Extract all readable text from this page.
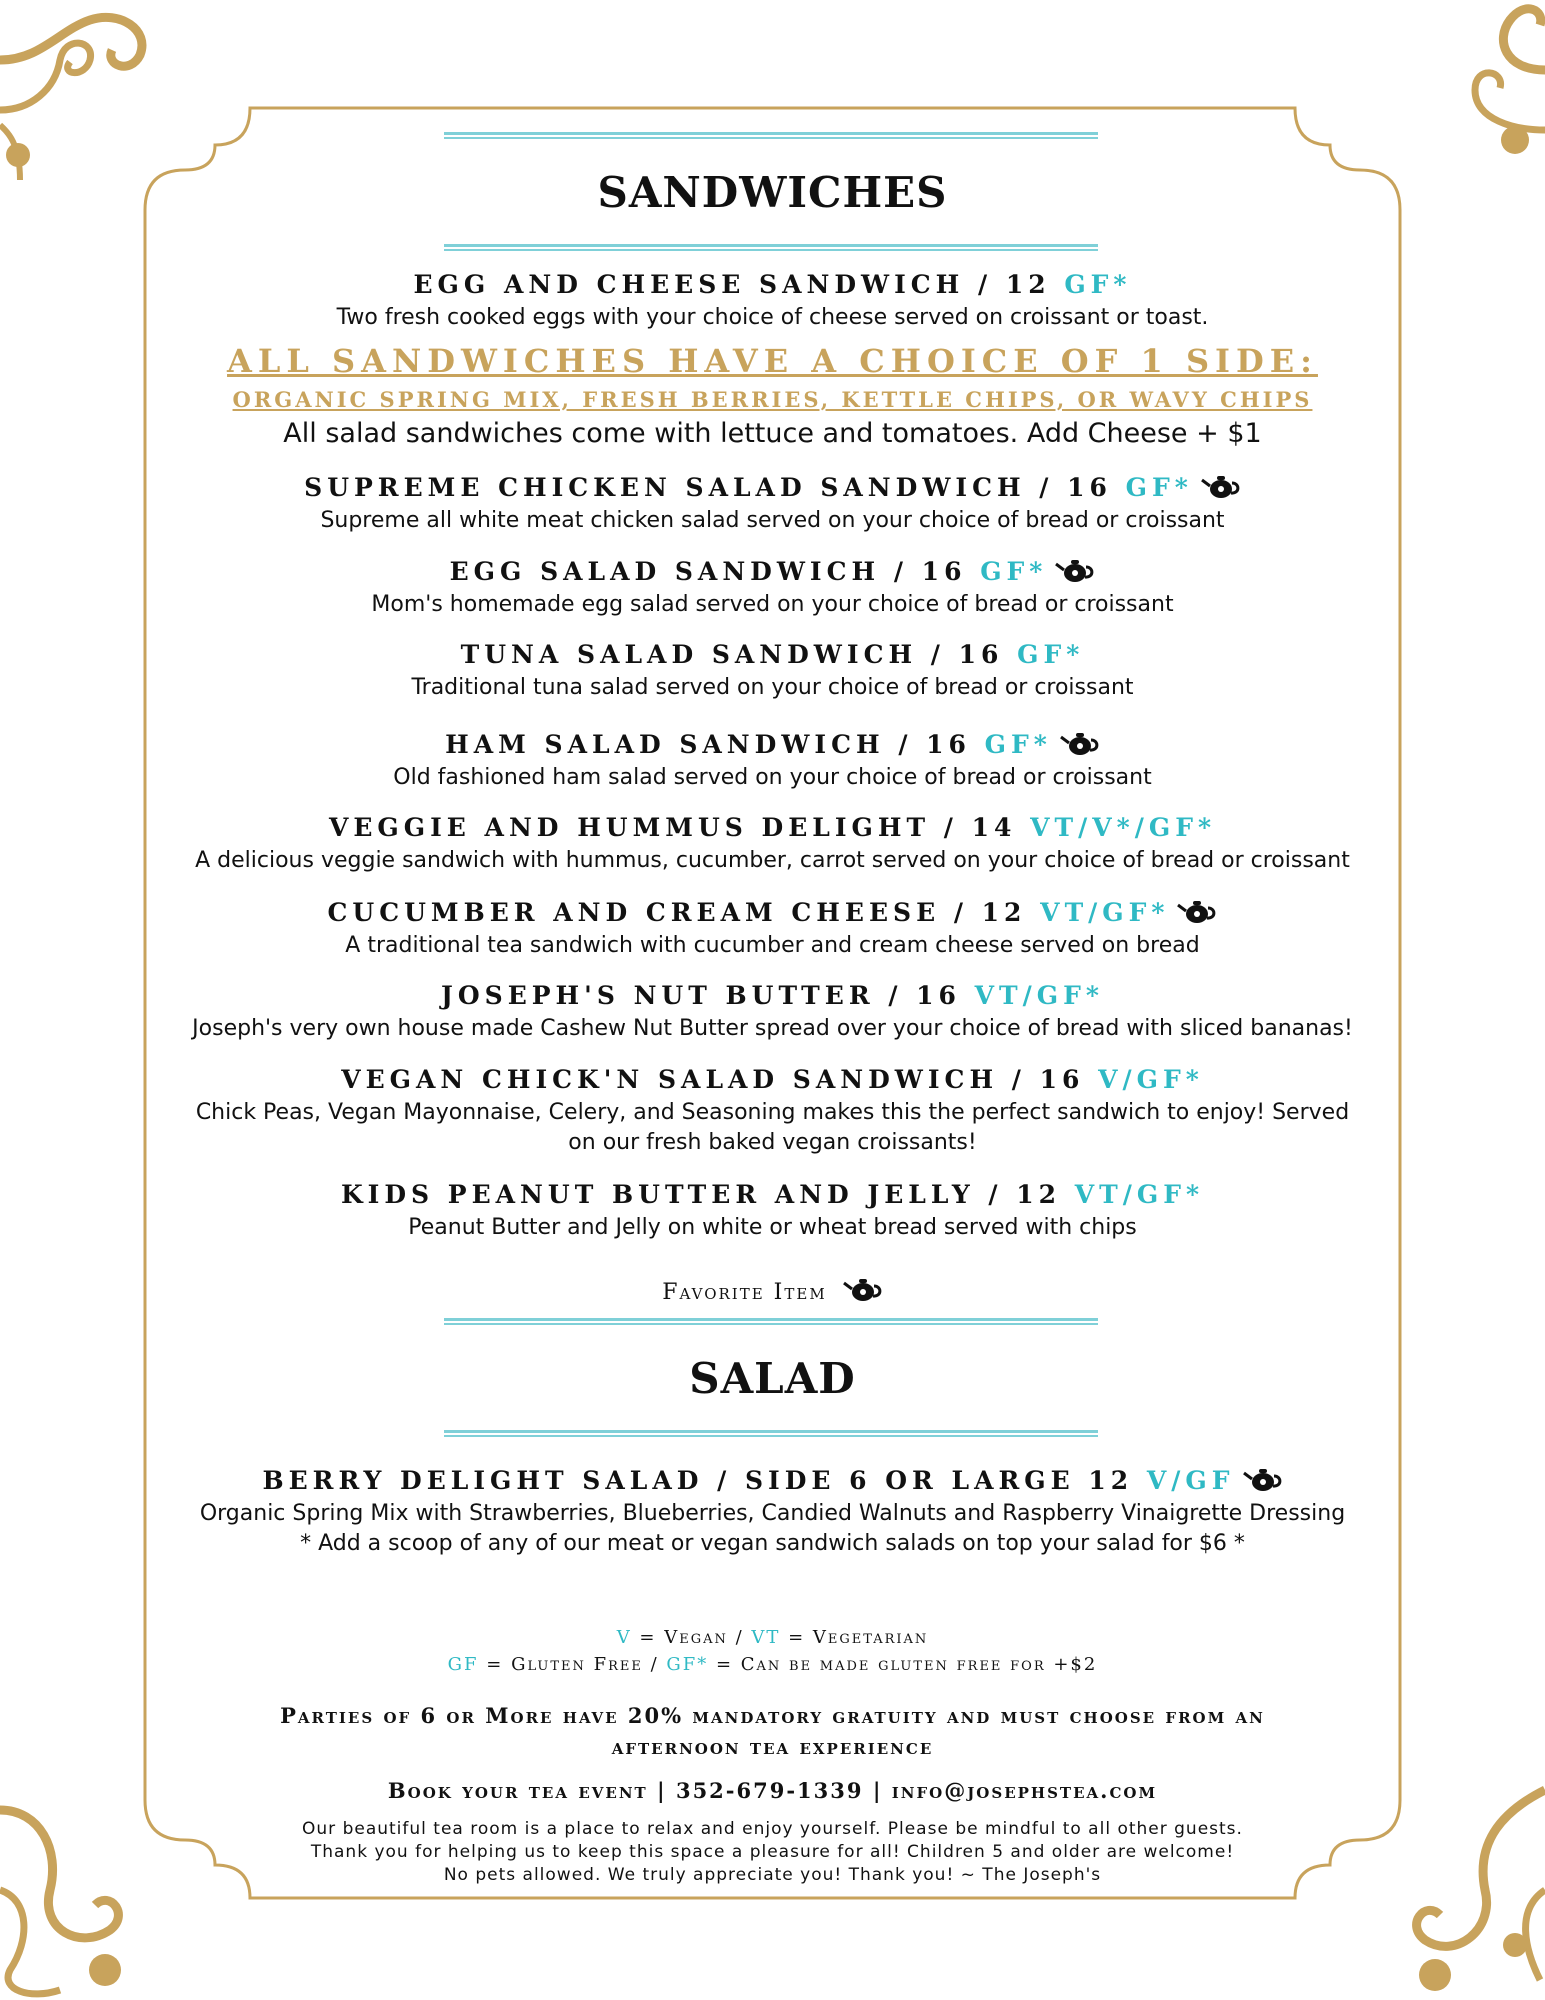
SANDWICHES
EGG AND CHEESE SANDWICH / 12 GF*
Two fresh cooked eggs with your choice of cheese served on croissant or toast.
ALL SANDWICHES HAVE A CHOICE OF 1 SIDE:
ORGANIC SPRING MIX, FRESH BERRIES, KETTLE CHIPS, OR WAVY CHIPS
All salad sandwiches come with lettuce and tomatoes. Add Cheese + $1
SUPREME CHICKEN SALAD SANDWICH / 16 GF*
Supreme all white meat chicken salad served on your choice of bread or croissant
EGG SALAD SANDWICH / 16 GF*
Mom's homemade egg salad served on your choice of bread or croissant
TUNA SALAD SANDWICH / 16 GF*
Traditional tuna salad served on your choice of bread or croissant
HAM SALAD SANDWICH / 16 GF*
Old fashioned ham salad served on your choice of bread or croissant
VEGGIE AND HUMMUS DELIGHT / 14 VT/V*/GF*
A delicious veggie sandwich with hummus, cucumber, carrot served on your choice of bread or croissant
CUCUMBER AND CREAM CHEESE / 12 VT/GF*
A traditional tea sandwich with cucumber and cream cheese served on bread
JOSEPH'S NUT BUTTER / 16 VT/GF*
Joseph's very own house made Cashew Nut Butter spread over your choice of bread with sliced bananas!
VEGAN CHICK'N SALAD SANDWICH / 16 V/GF*
Chick Peas, Vegan Mayonnaise, Celery, and Seasoning makes this the perfect sandwich to enjoy! Served
on our fresh baked vegan croissants!
KIDS PEANUT BUTTER AND JELLY / 12 VT/GF*
Peanut Butter and Jelly on white or wheat bread served with chips
Favorite Item
SALAD
BERRY DELIGHT SALAD / SIDE 6 OR LARGE 12 V/GF
Organic Spring Mix with Strawberries, Blueberries, Candied Walnuts and Raspberry Vinaigrette Dressing
* Add a scoop of any of our meat or vegan sandwich salads on top your salad for $6 *
V = Vegan / VT = Vegetarian
GF = Gluten Free / GF* = Can be made gluten free for +$2
Parties of 6 or More have 20% mandatory gratuity and must choose from an
afternoon tea experience
Book your tea event | 352-679-1339 | info@josephstea.com
Our beautiful tea room is a place to relax and enjoy yourself. Please be mindful to all other guests.
Thank you for helping us to keep this space a pleasure for all! Children 5 and older are welcome!
No pets allowed. We truly appreciate you! Thank you! ~ The Joseph's
